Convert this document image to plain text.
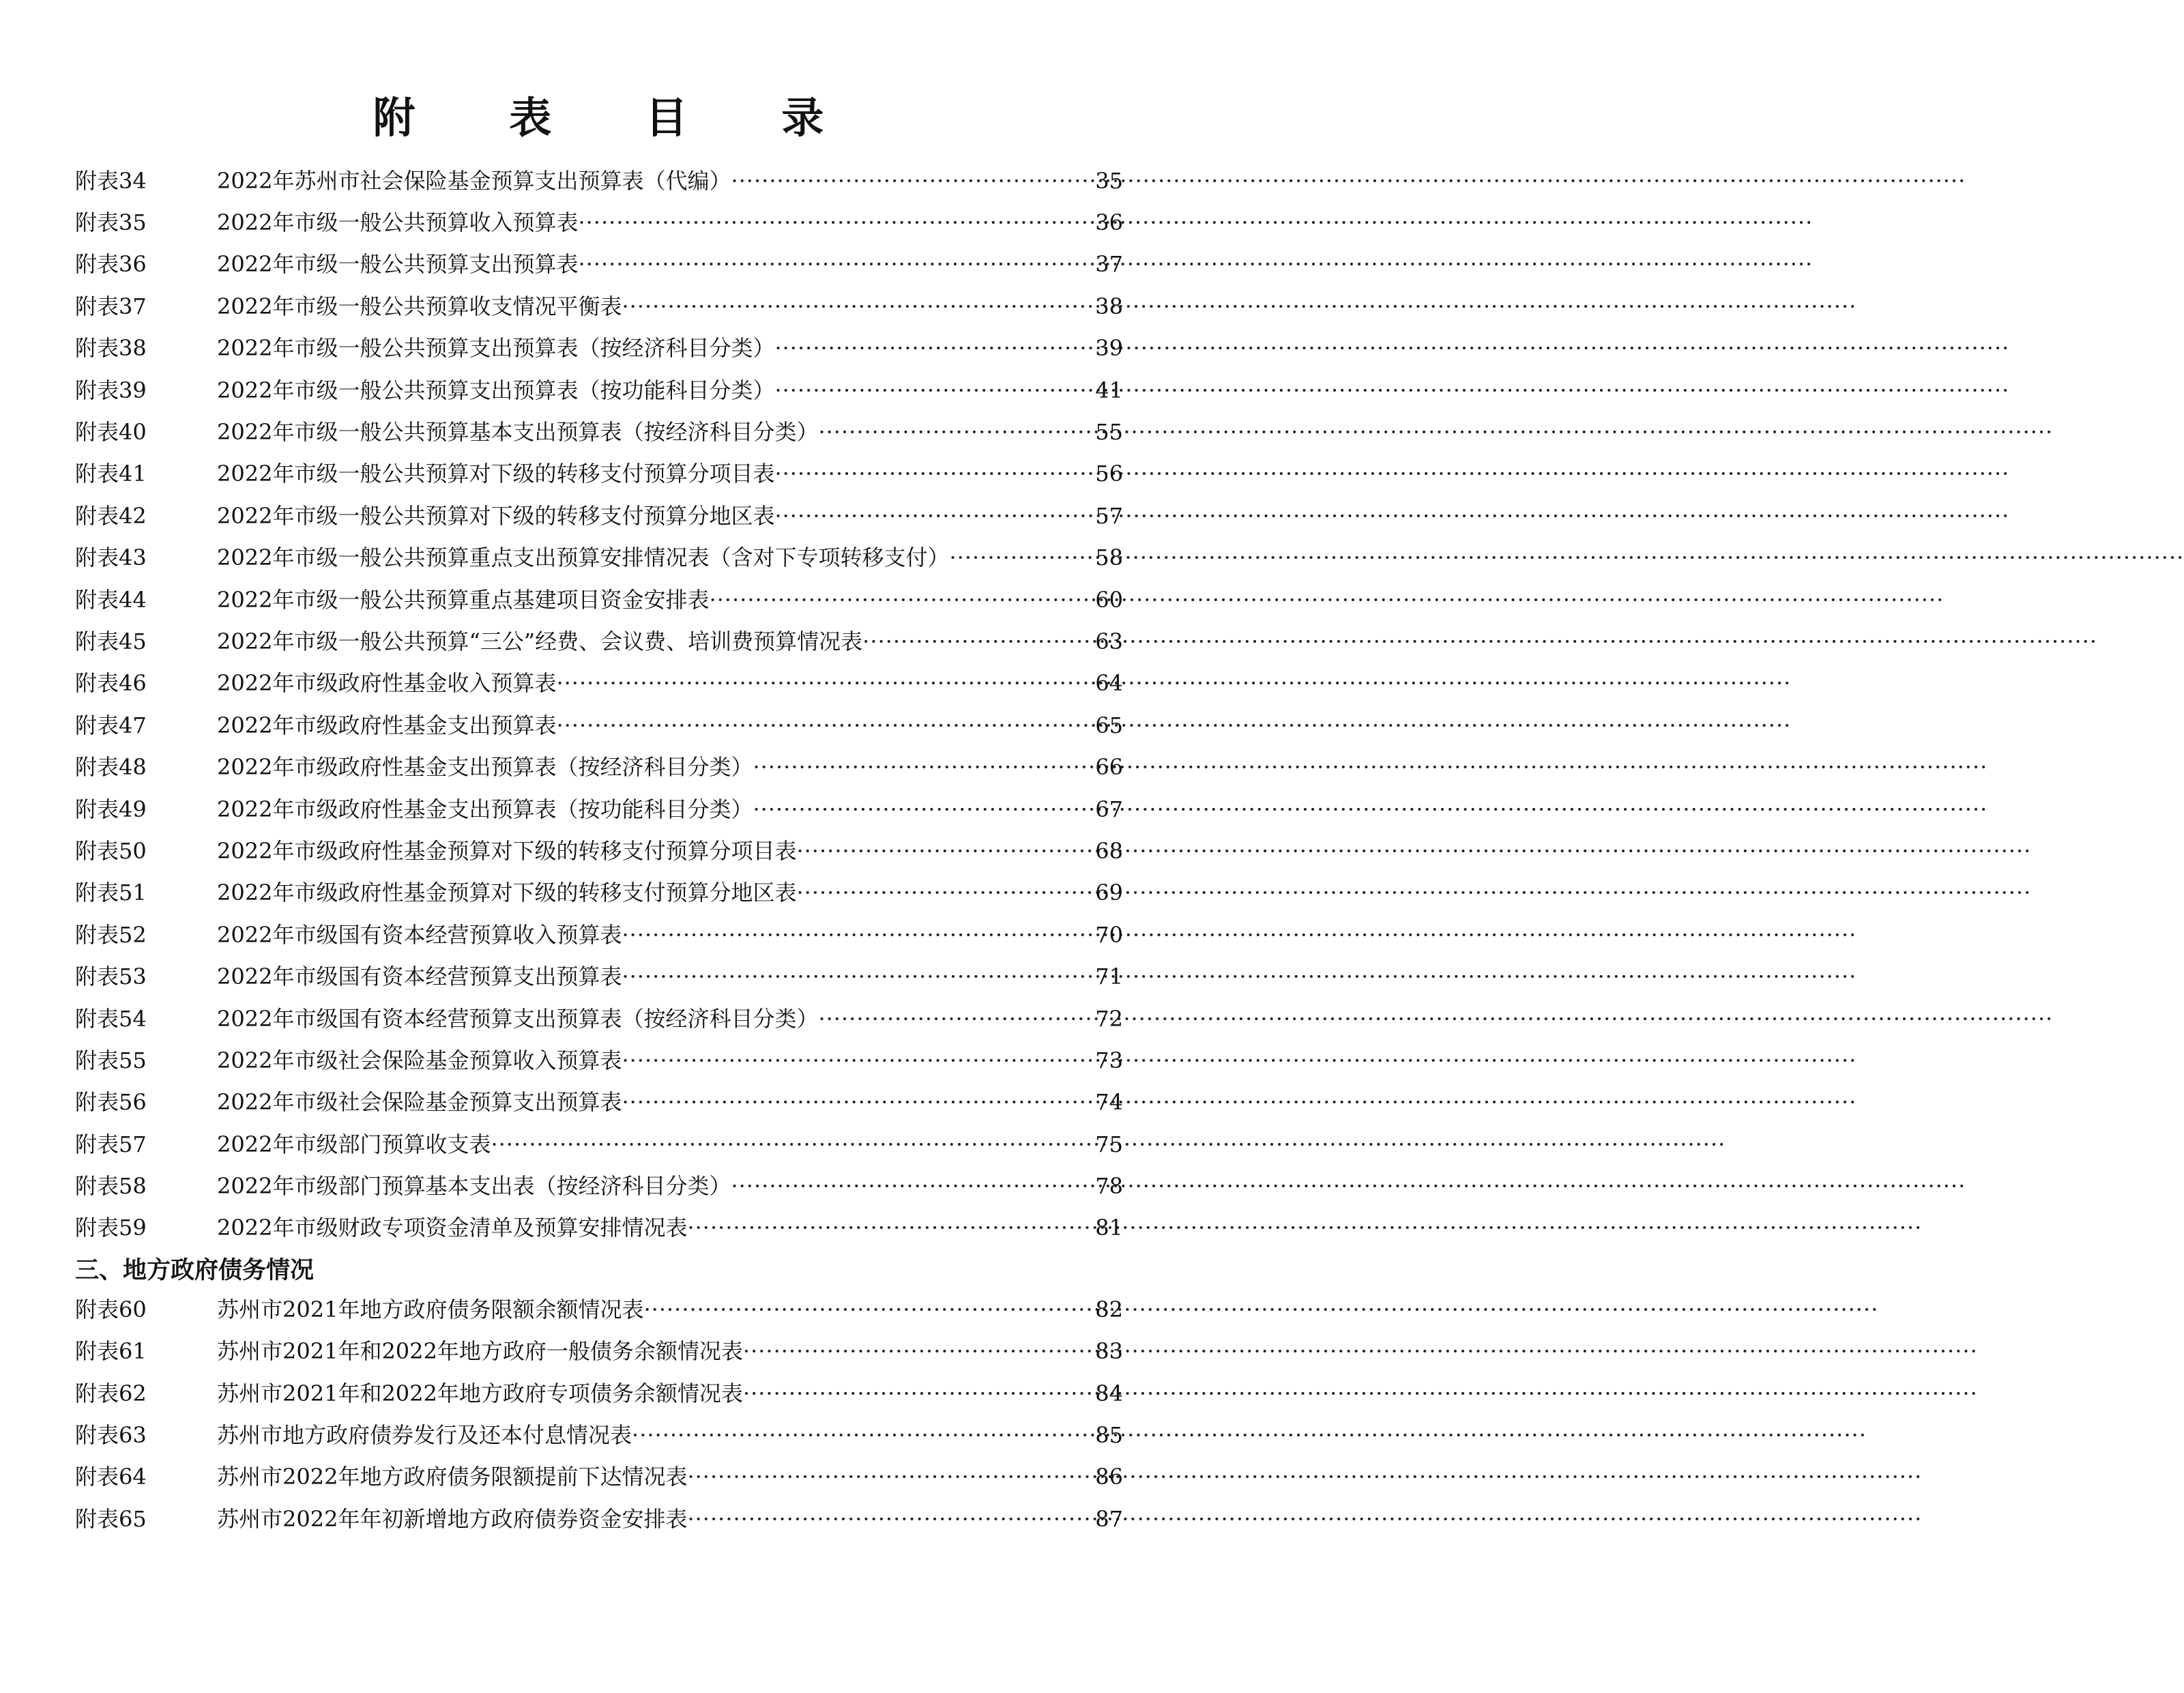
附 表 目 录
附表34	2022年苏州市社会保险基金预算支出预算表（代编） ·····	35
附表35	2022年市级一般公共预算收入预算表 ·····	36
附表36	2022年市级一般公共预算支出预算表 ·····	37
附表37	2022年市级一般公共预算收支情况平衡表 ·····	38
附表38	2022年市级一般公共预算支出预算表（按经济科目分类） ·····	39
附表39	2022年市级一般公共预算支出预算表（按功能科目分类） ·····	41
附表40	2022年市级一般公共预算基本支出预算表（按经济科目分类） ·····	55
附表41	2022年市级一般公共预算对下级的转移支付预算分项目表 ·····	56
附表42	2022年市级一般公共预算对下级的转移支付预算分地区表 ·····	57
附表43	2022年市级一般公共预算重点支出预算安排情况表（含对下专项转移支付） ·····	58
附表44	2022年市级一般公共预算重点基建项目资金安排表 ·····	60
附表45	2022年市级一般公共预算“三公”经费、会议费、培训费预算情况表 ·····	63
附表46	2022年市级政府性基金收入预算表 ·····	64
附表47	2022年市级政府性基金支出预算表 ·····	65
附表48	2022年市级政府性基金支出预算表（按经济科目分类） ·····	66
附表49	2022年市级政府性基金支出预算表（按功能科目分类） ·····	67
附表50	2022年市级政府性基金预算对下级的转移支付预算分项目表 ·····	68
附表51	2022年市级政府性基金预算对下级的转移支付预算分地区表 ·····	69
附表52	2022年市级国有资本经营预算收入预算表 ·····	70
附表53	2022年市级国有资本经营预算支出预算表 ·····	71
附表54	2022年市级国有资本经营预算支出预算表（按经济科目分类） ·····	72
附表55	2022年市级社会保险基金预算收入预算表 ·····	73
附表56	2022年市级社会保险基金预算支出预算表 ·····	74
附表57	2022年市级部门预算收支表 ·····	75
附表58	2022年市级部门预算基本支出表（按经济科目分类） ·····	78
附表59	2022年市级财政专项资金清单及预算安排情况表 ·····	81
三、地方政府债务情况
附表60	苏州市2021年地方政府债务限额余额情况表 ·····	82
附表61	苏州市2021年和2022年地方政府一般债务余额情况表 ·····	83
附表62	苏州市2021年和2022年地方政府专项债务余额情况表 ·····	84
附表63	苏州市地方政府债券发行及还本付息情况表 ·····	85
附表64	苏州市2022年地方政府债务限额提前下达情况表 ·····	86
附表65	苏州市2022年年初新增地方政府债券资金安排表 ·····	87
